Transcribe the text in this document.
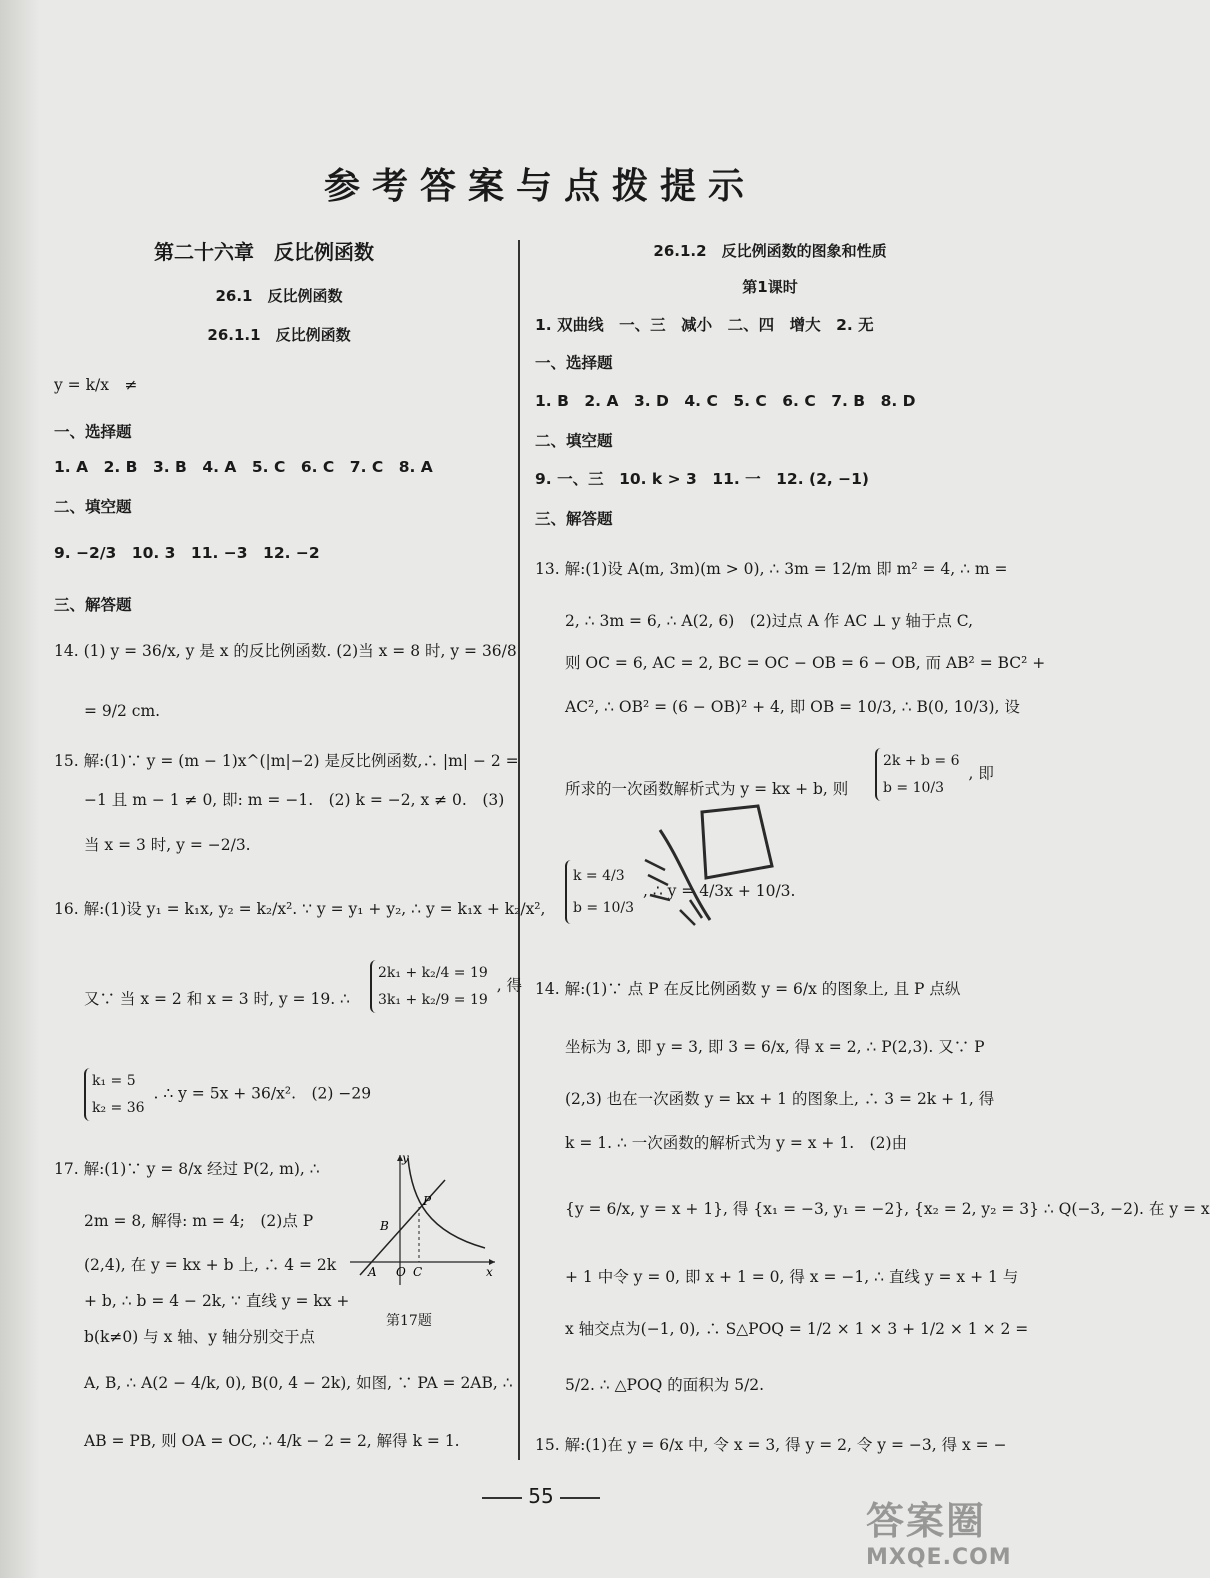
参考答案与点拨提示
第二十六章　反比例函数
26.1　反比例函数
26.1.1　反比例函数
y = k/x　≠
一、选择题
1. A　2. B　3. B　4. A　5. C　6. C　7. C　8. A
二、填空题
9. −2/3　10. 3　11. −3　12. −2
三、解答题
14. (1) y = 36/x, y 是 x 的反比例函数. (2)当 x = 8 时, y = 36/8
= 9/2 cm.
15. 解:(1)∵ y = (m − 1)x^(|m|−2) 是反比例函数,∴ |m| − 2 =
−1 且 m − 1 ≠ 0, 即: m = −1.　(2) k = −2, x ≠ 0.　(3)
当 x = 3 时, y = −2/3.
16. 解:(1)设 y₁ = k₁x, y₂ = k₂/x². ∵ y = y₁ + y₂, ∴ y = k₁x + k₂/x²,
又∵ 当 x = 2 和 x = 3 时, y = 19. ∴
2k₁ + k₂/4 = 19
3k₁ + k₂/9 = 19 , 得
k₁ = 5
k₂ = 36 . ∴ y = 5x + 36/x².　(2) −29
17. 解:(1)∵ y = 8/x 经过 P(2, m), ∴
2m = 8, 解得: m = 4;　(2)点 P
(2,4), 在 y = kx + b 上, ∴ 4 = 2k
+ b, ∴ b = 4 − 2k, ∵ 直线 y = kx +
b(k≠0) 与 x 轴、y 轴分别交于点
A, B, ∴ A(2 − 4/k, 0), B(0, 4 − 2k), 如图, ∵ PA = 2AB, ∴
AB = PB, 则 OA = OC, ∴ 4/k − 2 = 2, 解得 k = 1.
y
P
B
A O C	x
第17题
26.1.2　反比例函数的图象和性质
第1课时
1. 双曲线　一、三　减小　二、四　增大　2. 无
一、选择题
1. B　2. A　3. D　4. C　5. C　6. C　7. B　8. D
二、填空题
9. 一、三　10. k > 3　11. 一　12. (2, −1)
三、解答题
13. 解:(1)设 A(m, 3m)(m > 0), ∴ 3m = 12/m 即 m² = 4, ∴ m =
2, ∴ 3m = 6, ∴ A(2, 6)　(2)过点 A 作 AC ⊥ y 轴于点 C,
则 OC = 6, AC = 2, BC = OC − OB = 6 − OB, 而 AB² = BC² +
AC², ∴ OB² = (6 − OB)² + 4, 即 OB = 10/3, ∴ B(0, 10/3), 设
所求的一次函数解析式为 y = kx + b, 则
2k + b = 6
b = 10/3 , 即
k = 4/3
b = 10/3 , ∴ y = 4/3x + 10/3.
14. 解:(1)∵ 点 P 在反比例函数 y = 6/x 的图象上, 且 P 点纵
坐标为 3, 即 y = 3, 即 3 = 6/x, 得 x = 2, ∴ P(2,3). 又∵ P
(2,3) 也在一次函数 y = kx + 1 的图象上, ∴ 3 = 2k + 1, 得
k = 1. ∴ 一次函数的解析式为 y = x + 1.　(2)由
{y = 6/x, y = x + 1}, 得 {x₁ = −3, y₁ = −2}, {x₂ = 2, y₂ = 3} ∴ Q(−3, −2). 在 y = x
+ 1 中令 y = 0, 即 x + 1 = 0, 得 x = −1, ∴ 直线 y = x + 1 与
x 轴交点为(−1, 0), ∴ S△POQ = 1/2 × 1 × 3 + 1/2 × 1 × 2 =
5/2. ∴ △POQ 的面积为 5/2.
15. 解:(1)在 y = 6/x 中, 令 x = 3, 得 y = 2, 令 y = −3, 得 x = −
55
答案圈
MXQE.COM
